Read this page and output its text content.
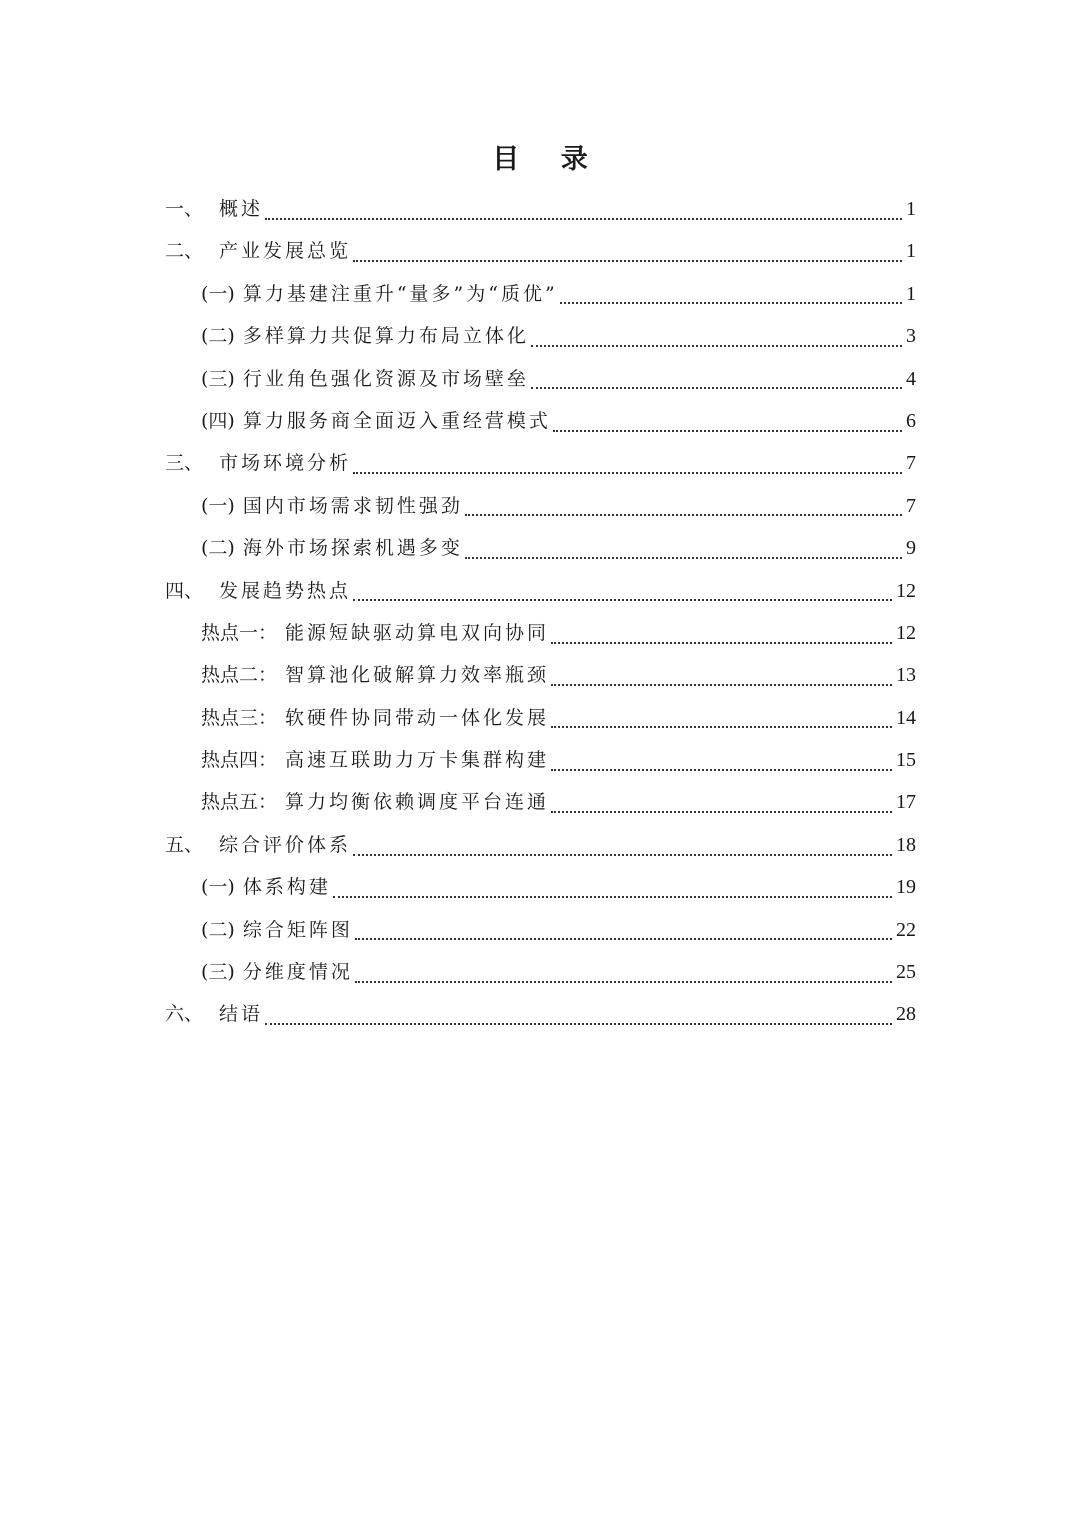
目 录
一、 概述	1
二、 产业发展总览	1
(一) 算力基建注重升“量多”为“质优”	1
(二) 多样算力共促算力布局立体化	3
(三) 行业角色强化资源及市场壁垒	4
(四) 算力服务商全面迈入重经营模式	6
三、 市场环境分析	7
(一) 国内市场需求韧性强劲	7
(二) 海外市场探索机遇多变	9
四、 发展趋势热点	12
热点一： 能源短缺驱动算电双向协同	12
热点二： 智算池化破解算力效率瓶颈	13
热点三： 软硬件协同带动一体化发展	14
热点四： 高速互联助力万卡集群构建	15
热点五： 算力均衡依赖调度平台连通	17
五、 综合评价体系	18
(一) 体系构建	19
(二) 综合矩阵图	22
(三) 分维度情况	25
六、 结语	28
